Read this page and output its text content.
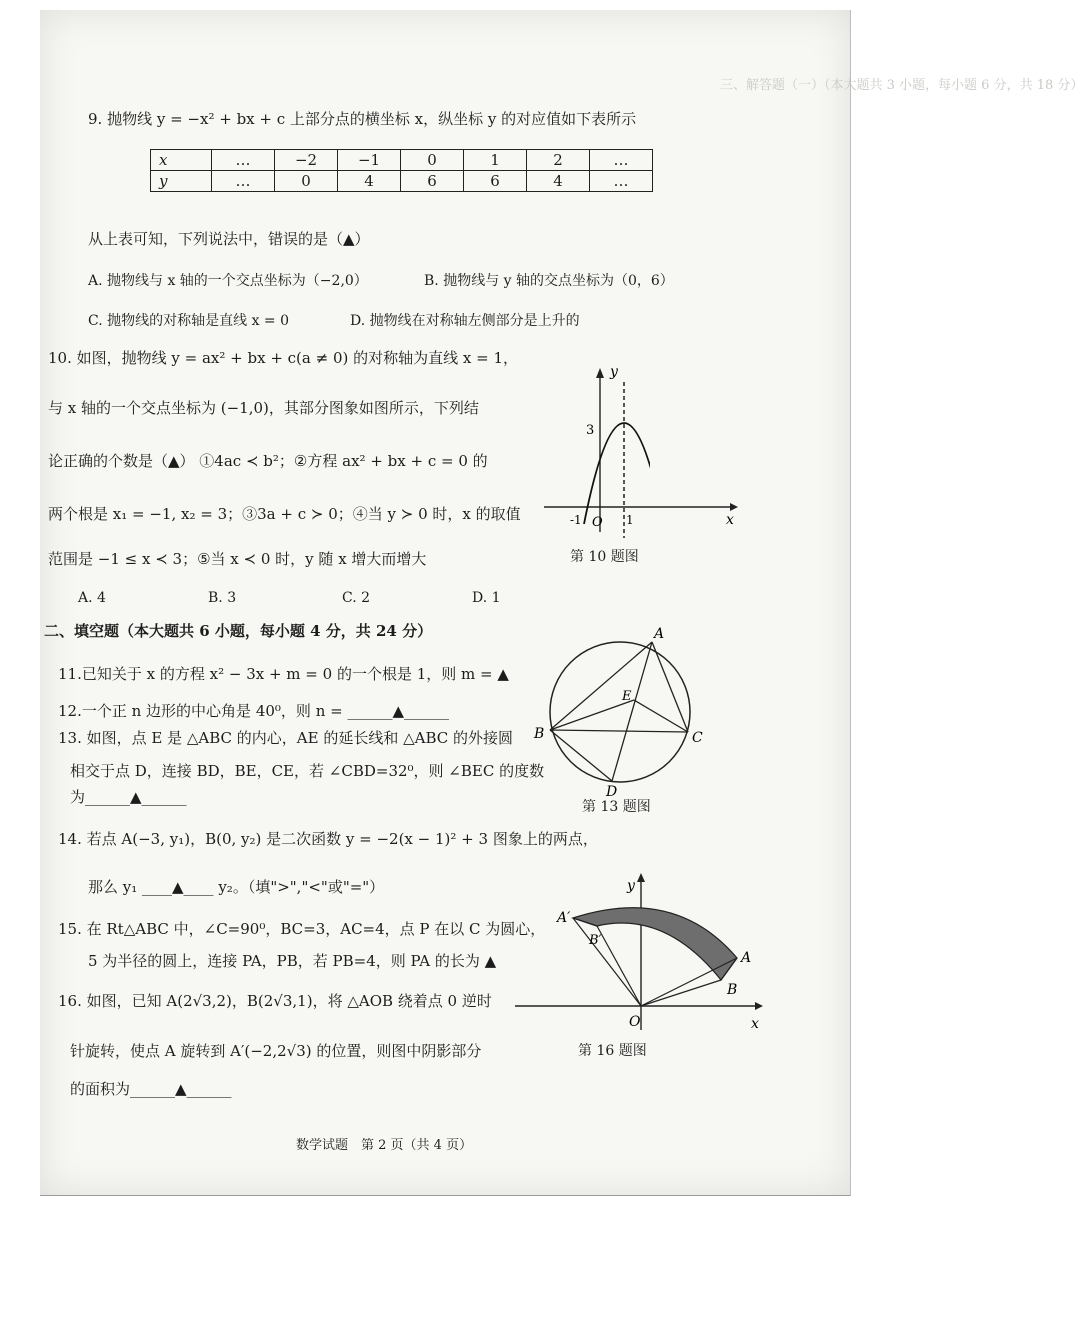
三、解答题（一）（本大题共 3 小题，每小题 6 分，共 18 分）
9. 抛物线 y = −x² + bx + c 上部分点的横坐标 x，纵坐标 y 的对应值如下表所示
x	…	−2	−1	0	1	2	…
y	…	0	4	6	6	4	…
从上表可知，下列说法中，错误的是（▲）
A. 抛物线与 x 轴的一个交点坐标为（−2,0）	B. 抛物线与 y 轴的交点坐标为（0，6）
C. 抛物线的对称轴是直线 x = 0	D. 抛物线在对称轴左侧部分是上升的
10. 如图，抛物线 y = ax² + bx + c(a ≠ 0) 的对称轴为直线 x = 1，
与 x 轴的一个交点坐标为 (−1,0)，其部分图象如图所示，下列结
论正确的个数是（▲） ①4ac ≺ b²；②方程 ax² + bx + c = 0 的
两个根是 x₁ = −1, x₂ = 3；③3a + c ≻ 0；④当 y ≻ 0 时，x 的取值
范围是 −1 ≤ x ≺ 3；⑤当 x ≺ 0 时，y 随 x 增大而增大
A. 4	B. 3	C. 2	D. 1
y
x
3
-1 O 1
第 10 题图
二、填空题（本大题共 6 小题，每小题 4 分，共 24 分）
11.已知关于 x 的方程 x² − 3x + m = 0 的一个根是 1，则 m = ▲
12.一个正 n 边形的中心角是 40⁰，则 n = ______▲______
13. 如图，点 E 是 △ABC 的内心，AE 的延长线和 △ABC 的外接圆
相交于点 D，连接 BD，BE，CE，若 ∠CBD=32⁰，则 ∠BEC 的度数
为______▲______
A
B	C
D
E
第 13 题图
14. 若点 A(−3, y₁)，B(0, y₂) 是二次函数 y = −2(x − 1)² + 3 图象上的两点，
那么 y₁ ____▲____ y₂。（填">","<"或"="）
15. 在 Rt△ABC 中，∠C=90⁰，BC=3，AC=4，点 P 在以 C 为圆心，
5 为半径的圆上，连接 PA，PB，若 PB=4，则 PA 的长为 ▲
16. 如图，已知 A(2√3,2)，B(2√3,1)，将 △AOB 绕着点 0 逆时
针旋转，使点 A 旋转到 A′(−2,2√3) 的位置，则图中阴影部分
的面积为______▲______
y
x
O
A
B
A′
B′
第 16 题图
数学试题　第 2 页（共 4 页）
